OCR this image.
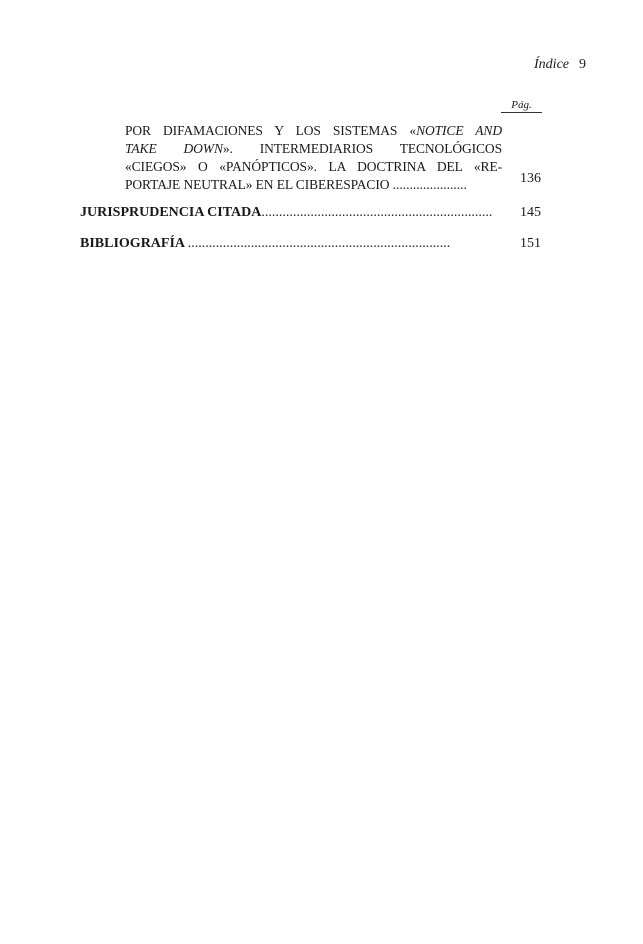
Índice 9
Pág.
POR DIFAMACIONES Y LOS SISTEMAS «NOTICE AND
TAKE DOWN». INTERMEDIARIOS TECNOLÓGICOS
«CIEGOS» O «PANÓPTICOS». LA DOCTRINA DEL «RE-
PORTAJE NEUTRAL» EN EL CIBERESPACIO ......................	136
JURISPRUDENCIA CITADA..................................................................	145
BIBLIOGRAFÍA ...........................................................................	151
